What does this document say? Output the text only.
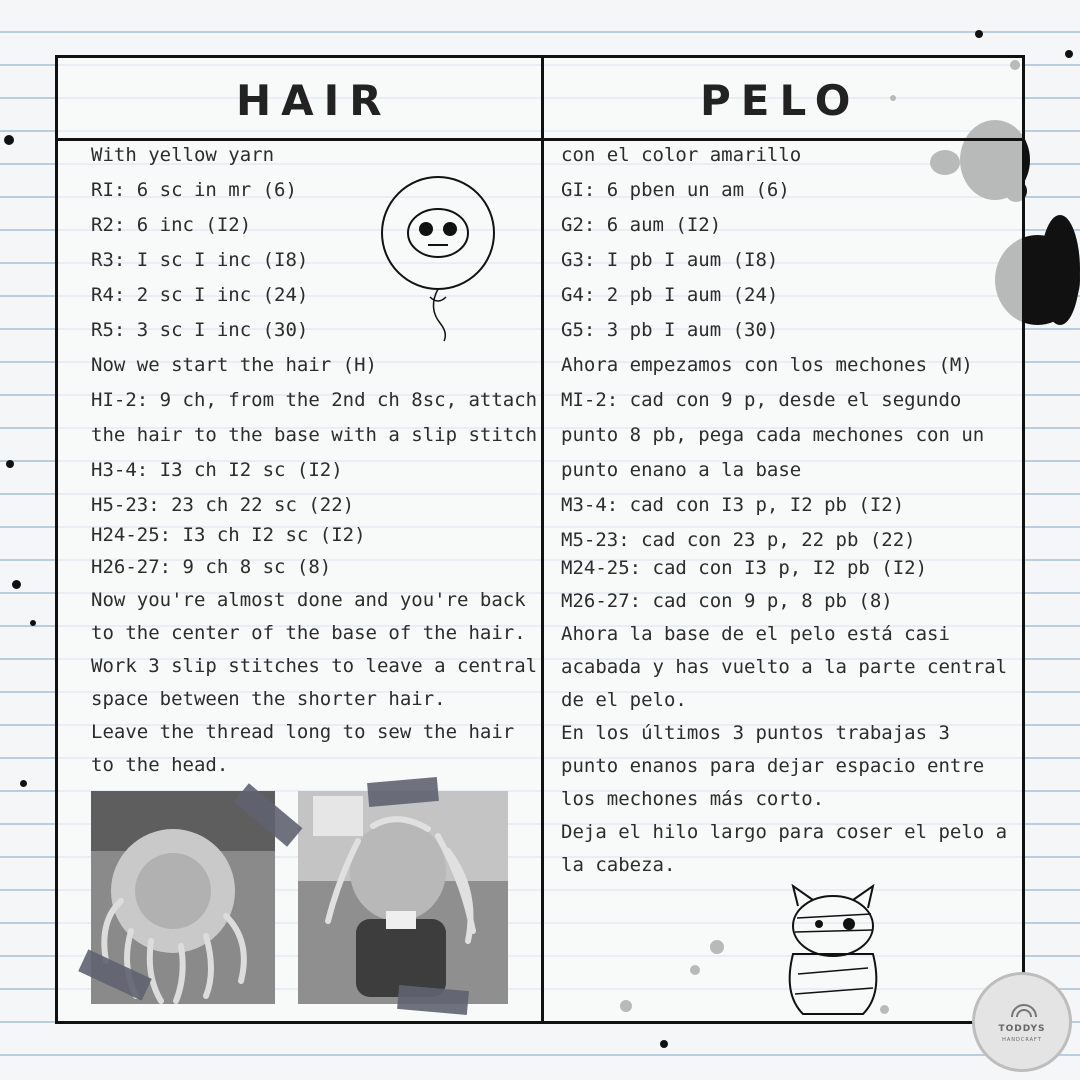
HAIR	PELO
With yellow yarn
RI: 6 sc in mr (6)
R2: 6 inc (I2)
R3: I sc I inc (I8)
R4: 2 sc I inc (24)
R5: 3 sc I inc (30)
Now we start the hair (H)
HI-2: 9 ch, from the 2nd ch 8sc, attach
the hair to the base with a slip stitch
H3-4: I3 ch I2 sc (I2)
H5-23: 23 ch 22 sc (22)
H24-25: I3 ch I2 sc (I2)
H26-27: 9 ch 8 sc (8)
Now you're almost done and you're back
to the center of the base of the hair.
Work 3 slip stitches to leave a central
space between the shorter hair.
Leave the thread long to sew the hair
to the head.
con el color amarillo
GI: 6 pben un am (6)
G2: 6 aum (I2)
G3: I pb I aum (I8)
G4: 2 pb I aum (24)
G5: 3 pb I aum (30)
Ahora empezamos con los mechones (M)
MI-2: cad con 9 p, desde el segundo
punto 8 pb, pega cada mechones con un
punto enano a la base
M3-4: cad con I3 p, I2 pb (I2)
M5-23: cad con 23 p, 22 pb (22)
M24-25: cad con I3 p, I2 pb (I2)
M26-27: cad con 9 p, 8 pb (8)
Ahora la base de el pelo está casi
acabada y has vuelto a la parte central
de el pelo.
En los últimos 3 puntos trabajas 3
punto enanos para dejar espacio entre
los mechones más corto.
Deja el hilo largo para coser el pelo a
la cabeza.
TODDYS
HANDCRAFT
